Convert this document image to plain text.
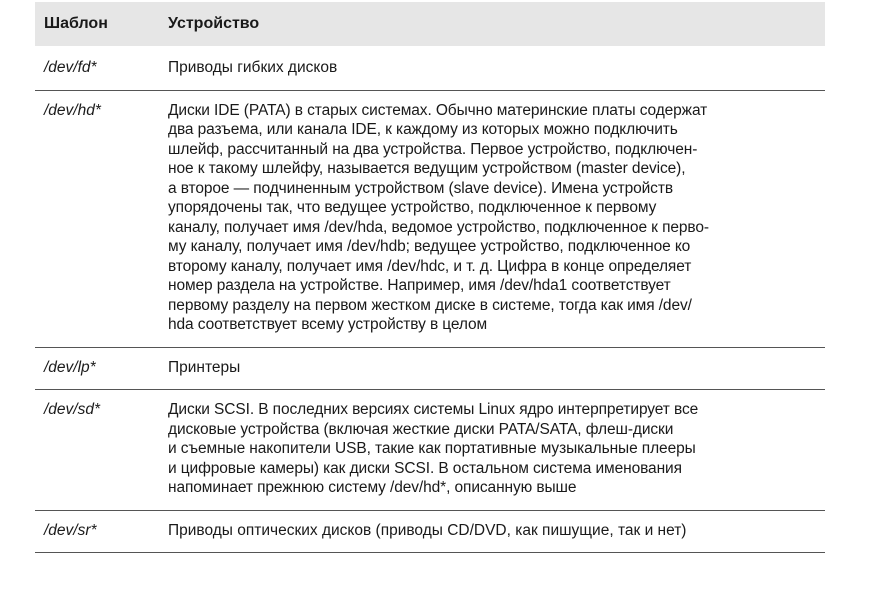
Шаблон	Устройство
/dev/fd*	Приводы гибких дисков

/dev/hd*	Диски IDE (PATA) в старых системах. Обычно материнские платы содержат

два разъема, или канала IDE, к каждому из которых можно подключить

шлейф, рассчитанный на два устройства. Первое устройство, подключен-

ное к такому шлейфу, называется ведущим устройством (master device),

а второе — подчиненным устройством (slave device). Имена устройств

упорядочены так, что ведущее устройство, подключенное к первому

каналу, получает имя /dev/hda, ведомое устройство, подключенное к перво-

му каналу, получает имя /dev/hdb; ведущее устройство, подключенное ко

второму каналу, получает имя /dev/hdc, и т. д. Цифра в конце определяет

номер раздела на устройстве. Например, имя /dev/hda1 соответствует

первому разделу на первом жестком диске в системе, тогда как имя /dev/

hda соответствует всему устройству в целом

/dev/lp*	Принтеры

/dev/sd*	Диски SCSI. В последних версиях системы Linux ядро интерпретирует все

дисковые устройства (включая жесткие диски PATA/SATA, флеш-диски

и съемные накопители USB, такие как портативные музыкальные плееры

и цифровые камеры) как диски SCSI. В остальном система именования

напоминает прежнюю систему /dev/hd*, описанную выше

/dev/sr*	Приводы оптических дисков (приводы CD/DVD, как пишущие, так и нет)
